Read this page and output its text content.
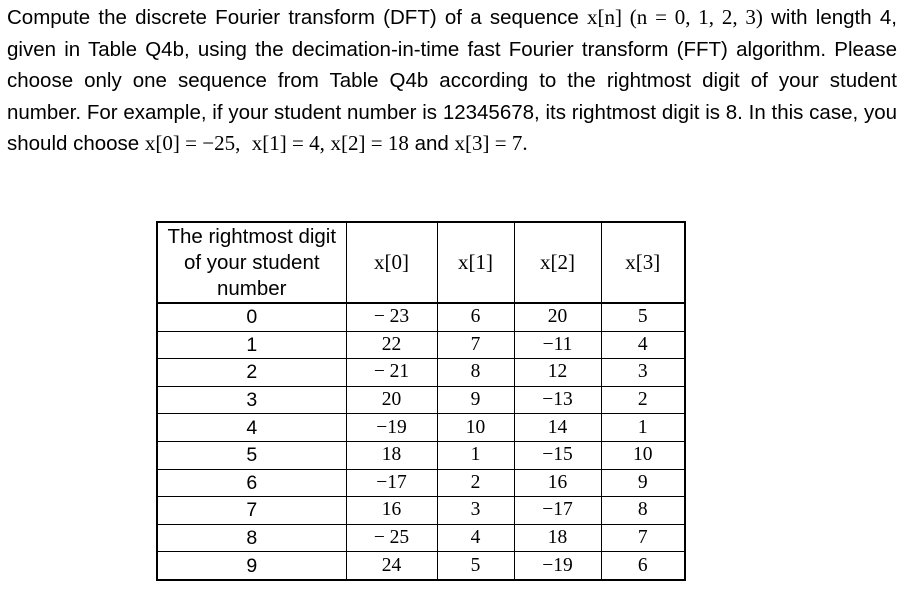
Compute the discrete Fourier transform (DFT) of a sequence x[n] (n = 0, 1, 2, 3) with length 4, given in Table Q4b, using the decimation-in-time fast Fourier transform (FFT) algorithm. Please choose only one sequence from Table Q4b according to the rightmost digit of your student number. For example, if your student number is 12345678, its rightmost digit is 8. In this case, you should choose x[0] = −25, x[1] = 4, x[2] = 18 and x[3] = 7.
The rightmost digit of your student number	x[0]	x[1]	x[2]	x[3]
0	− 23	6	20	5
1	22	7	−11	4
2	− 21	8	12	3
3	20	9	−13	2
4	−19	10	14	1
5	18	1	−15	10
6	−17	2	16	9
7	16	3	−17	8
8	− 25	4	18	7
9	24	5	−19	6
